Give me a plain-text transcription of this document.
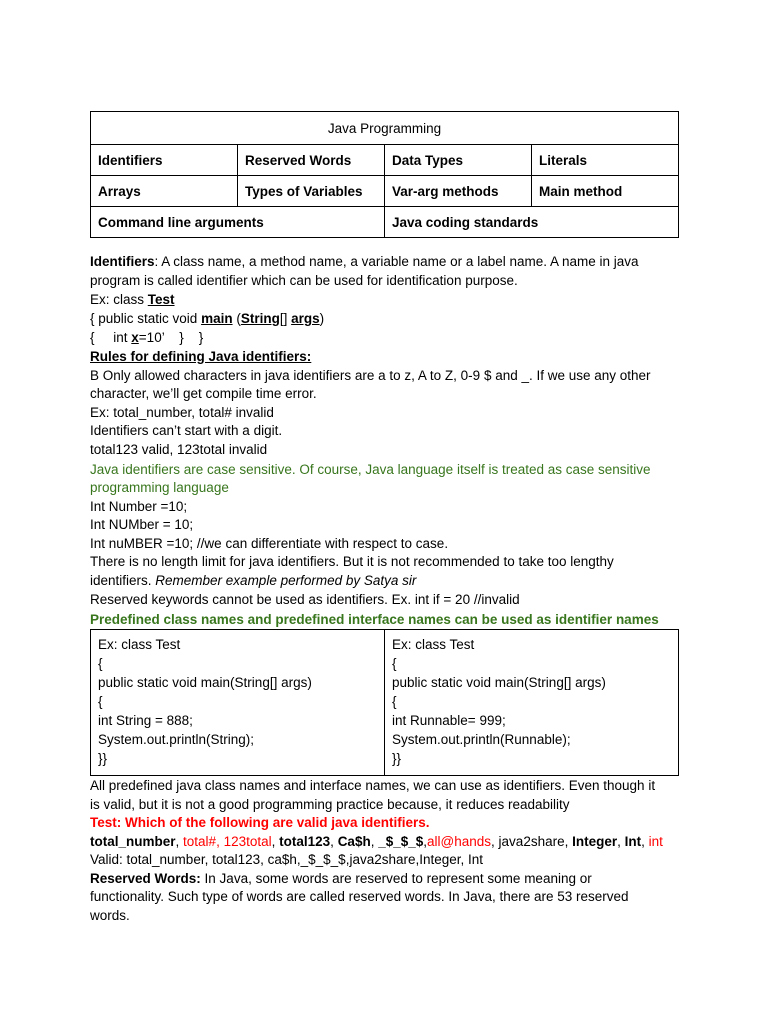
Java Programming			
Identifiers	Reserved Words	Data Types	Literals
Arrays	Types of Variables	Var-arg methods	Main method
Command line arguments		Java coding standards	
Identifiers: A class name, a method name, a variable name or a label name. A name in java
program is called identifier which can be used for identification purpose.
Ex: class Test
{ public static void main (String[] args)
{     int x=10’    }    }
Rules for defining Java identifiers:
B Only allowed characters in java identifiers are a to z, A to Z, 0-9 $ and _. If we use any other
character, we’ll get compile time error.
Ex: total_number, total# invalid
Identifiers can’t start with a digit.
total123 valid, 123total invalid
Java identifiers are case sensitive. Of course, Java language itself is treated as case sensitive
programming language
Int Number =10;
Int NUMber = 10;
Int nuMBER =10; //we can differentiate with respect to case.
There is no length limit for java identifiers. But it is not recommended to take too lengthy
identifiers. Remember example performed by Satya sir
Reserved keywords cannot be used as identifiers. Ex. int if = 20 //invalid
Predefined class names and predefined interface names can be used as identifier names
Ex: class Test
{
public static void main(String[] args)
{
int String = 888;
System.out.println(String);
}}

Ex: class Test
{
public static void main(String[] args)
{
int Runnable= 999;
System.out.println(Runnable);
}}
All predefined java class names and interface names, we can use as identifiers. Even though it
is valid, but it is not a good programming practice because, it reduces readability
Test: Which of the following are valid java identifiers.
total_number, total#, 123total, total123, Ca$h, _$_$_$,all@hands, java2share, Integer, Int, int
Valid: total_number, total123, ca$h,_$_$_$,java2share,Integer, Int
Reserved Words: In Java, some words are reserved to represent some meaning or
functionality. Such type of words are called reserved words. In Java, there are 53 reserved
words.
